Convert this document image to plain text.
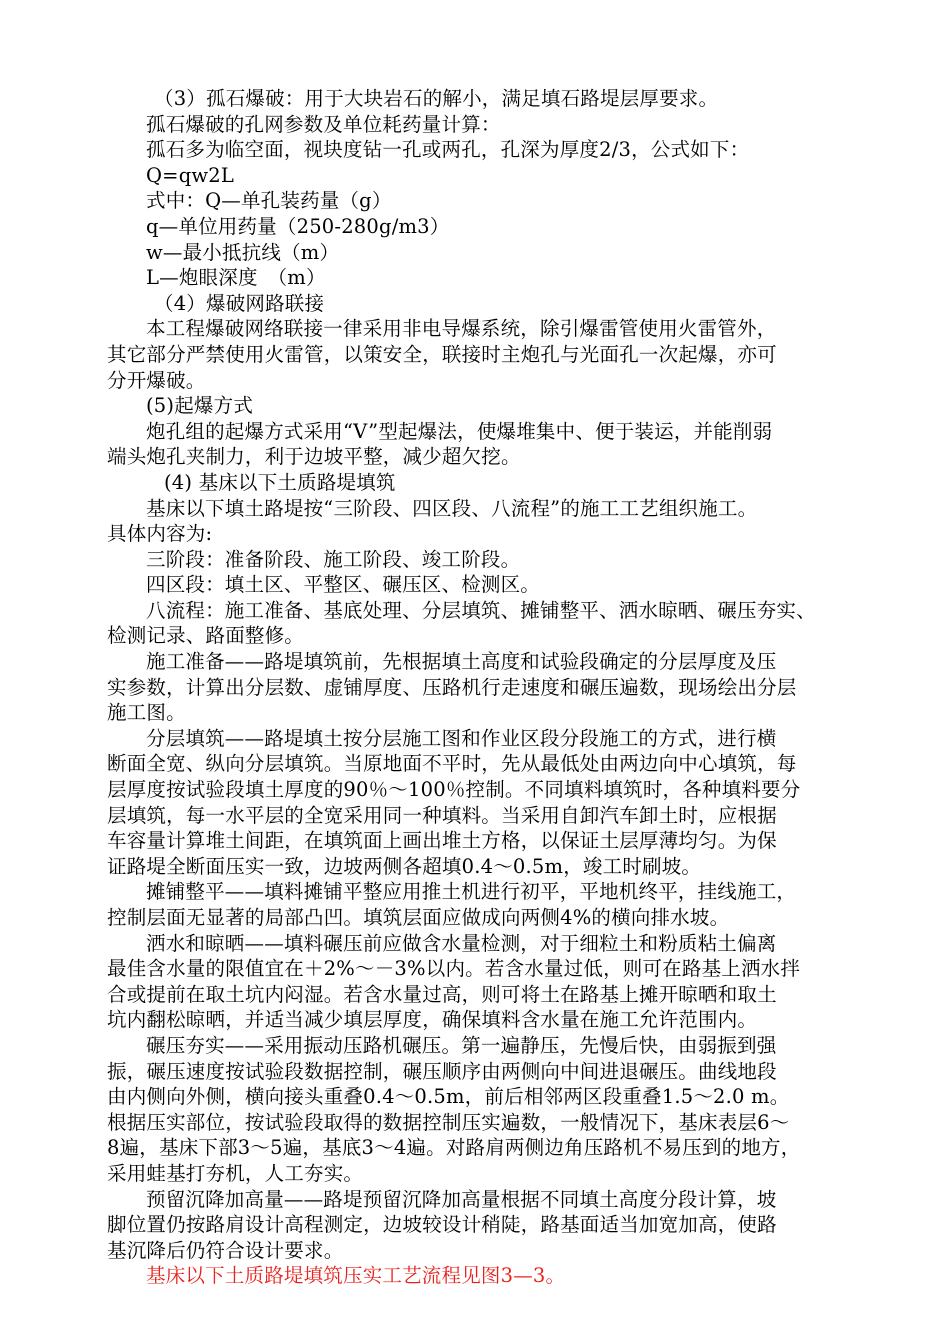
（3）孤石爆破：用于大块岩石的解小，满足填石路堤层厚要求。
孤石爆破的孔网参数及单位耗药量计算：
孤石多为临空面，视块度钻一孔或两孔，孔深为厚度2/3，公式如下：
Q=qw2L
式中：Q—单孔装药量（g）
q—单位用药量（250-280g/m3）
w—最小抵抗线（m）
L—炮眼深度　（m）
（4）爆破网路联接
本工程爆破网络联接一律采用非电导爆系统，除引爆雷管使用火雷管外，
其它部分严禁使用火雷管，以策安全，联接时主炮孔与光面孔一次起爆，亦可
分开爆破。
(5)起爆方式
炮孔组的起爆方式采用“V”型起爆法，使爆堆集中、便于装运，并能削弱
端头炮孔夹制力，利于边坡平整，减少超欠挖。
(4) 基床以下土质路堤填筑
基床以下填土路堤按“三阶段、四区段、八流程”的施工工艺组织施工。
具体内容为:
三阶段：准备阶段、施工阶段、竣工阶段。
四区段：填土区、平整区、碾压区、检测区。
八流程：施工准备、基底处理、分层填筑、摊铺整平、洒水晾晒、碾压夯实、
检测记录、路面整修。
施工准备——路堤填筑前，先根据填土高度和试验段确定的分层厚度及压
实参数，计算出分层数、虚铺厚度、压路机行走速度和碾压遍数，现场绘出分层
施工图。
分层填筑——路堤填土按分层施工图和作业区段分段施工的方式，进行横
断面全宽、纵向分层填筑。当原地面不平时，先从最低处由两边向中心填筑，每
层厚度按试验段填土厚度的90％～100％控制。不同填料填筑时，各种填料要分
层填筑，每一水平层的全宽采用同一种填料。当采用自卸汽车卸土时，应根据
车容量计算堆土间距，在填筑面上画出堆土方格，以保证土层厚薄均匀。为保
证路堤全断面压实一致，边坡两侧各超填0.4～0.5m，竣工时刷坡。
摊铺整平——填料摊铺平整应用推土机进行初平，平地机终平，挂线施工，
控制层面无显著的局部凸凹。填筑层面应做成向两侧4%的横向排水坡。
洒水和晾晒——填料碾压前应做含水量检测，对于细粒土和粉质粘土偏离
最佳含水量的限值宜在＋2%～－3%以内。若含水量过低，则可在路基上洒水拌
合或提前在取土坑内闷湿。若含水量过高，则可将土在路基上摊开晾晒和取土
坑内翻松晾晒，并适当减少填层厚度，确保填料含水量在施工允许范围内。
碾压夯实——采用振动压路机碾压。第一遍静压，先慢后快，由弱振到强
振，碾压速度按试验段数据控制，碾压顺序由两侧向中间进退碾压。曲线地段
由内侧向外侧，横向接头重叠0.4～0.5m，前后相邻两区段重叠1.5～2.0 m。
根据压实部位，按试验段取得的数据控制压实遍数，一般情况下，基床表层6～
8遍，基床下部3～5遍，基底3～4遍。对路肩两侧边角压路机不易压到的地方，
采用蛙基打夯机，人工夯实。
预留沉降加高量——路堤预留沉降加高量根据不同填土高度分段计算，坡
脚位置仍按路肩设计高程测定，边坡较设计稍陡，路基面适当加宽加高，使路
基沉降后仍符合设计要求。
基床以下土质路堤填筑压实工艺流程见图3—3。
